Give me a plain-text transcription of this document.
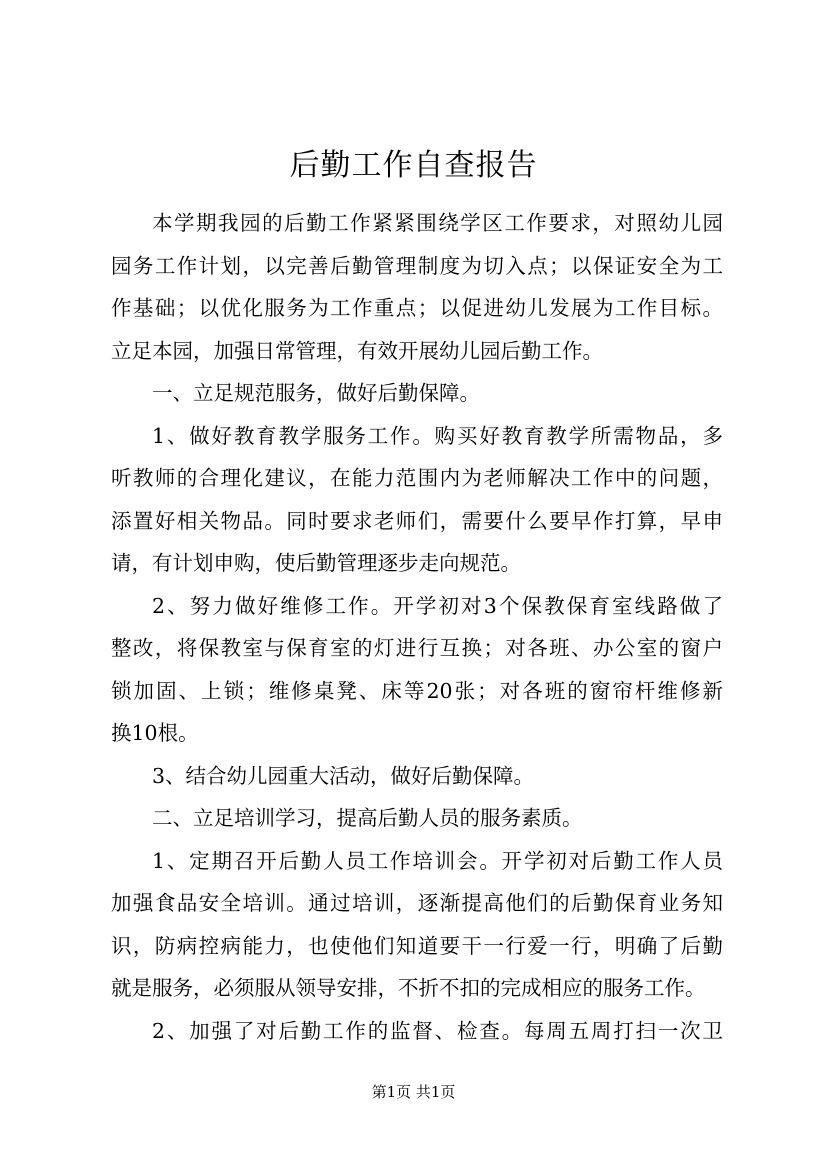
后勤工作自查报告

本学期我园的后勤工作紧紧围绕学区工作要求，对照幼儿园
园务工作计划，以完善后勤管理制度为切入点；以保证安全为工
作基础；以优化服务为工作重点；以促进幼儿发展为工作目标。
立足本园，加强日常管理，有效开展幼儿园后勤工作。

一、立足规范服务，做好后勤保障。

1、做好教育教学服务工作。购买好教育教学所需物品，多
听教师的合理化建议，在能力范围内为老师解决工作中的问题，
添置好相关物品。同时要求老师们，需要什么要早作打算，早申
请，有计划申购，使后勤管理逐步走向规范。

2、努力做好维修工作。开学初对3个保教保育室线路做了
整改，将保教室与保育室的灯进行互换；对各班、办公室的窗户
锁加固、上锁；维修桌凳、床等20张；对各班的窗帘杆维修新
换10根。

3、结合幼儿园重大活动，做好后勤保障。

二、立足培训学习，提高后勤人员的服务素质。

1、定期召开后勤人员工作培训会。开学初对后勤工作人员
加强食品安全培训。通过培训，逐渐提高他们的后勤保育业务知
识，防病控病能力，也使他们知道要干一行爱一行，明确了后勤
就是服务，必须服从领导安排，不折不扣的完成相应的服务工作。

2、加强了对后勤工作的监督、检查。每周五周打扫一次卫

第1页 共1页
